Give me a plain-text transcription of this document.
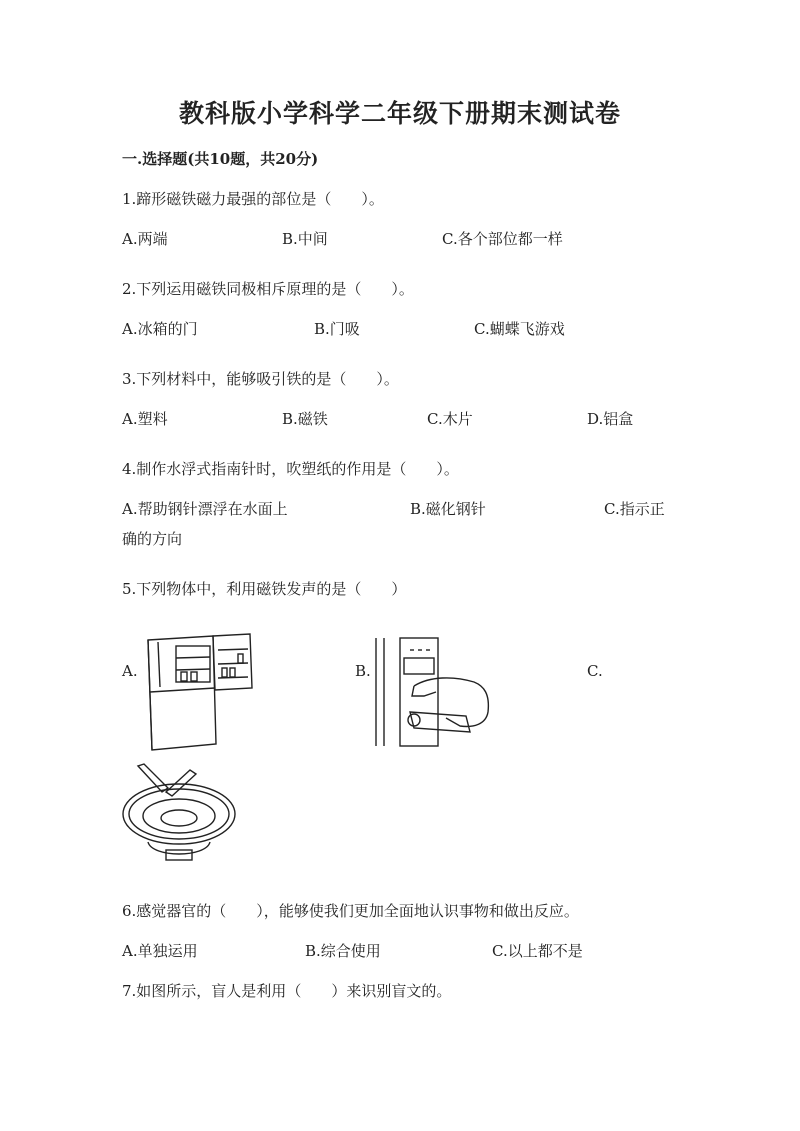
教科版小学科学二年级下册期末测试卷
一.选择题(共10题，共20分)
1.蹄形磁铁磁力最强的部位是（　　）。
A.两端	B.中间	C.各个部位都一样
2.下列运用磁铁同极相斥原理的是（　　）。
A.冰箱的门	B.门吸	C.蝴蝶飞游戏
3.下列材料中，能够吸引铁的是（　　）。
A.塑料	B.磁铁	C.木片	D.铝盒
4.制作水浮式指南针时，吹塑纸的作用是（　　）。
A.帮助钢针漂浮在水面上	B.磁化钢针	C.指示正
确的方向
5.下列物体中，利用磁铁发声的是（　　）
A.	B.	C.
6.感觉器官的（　　），能够使我们更加全面地认识事物和做出反应。
A.单独运用	B.综合使用	C.以上都不是
7.如图所示，盲人是利用（　　）来识别盲文的。
